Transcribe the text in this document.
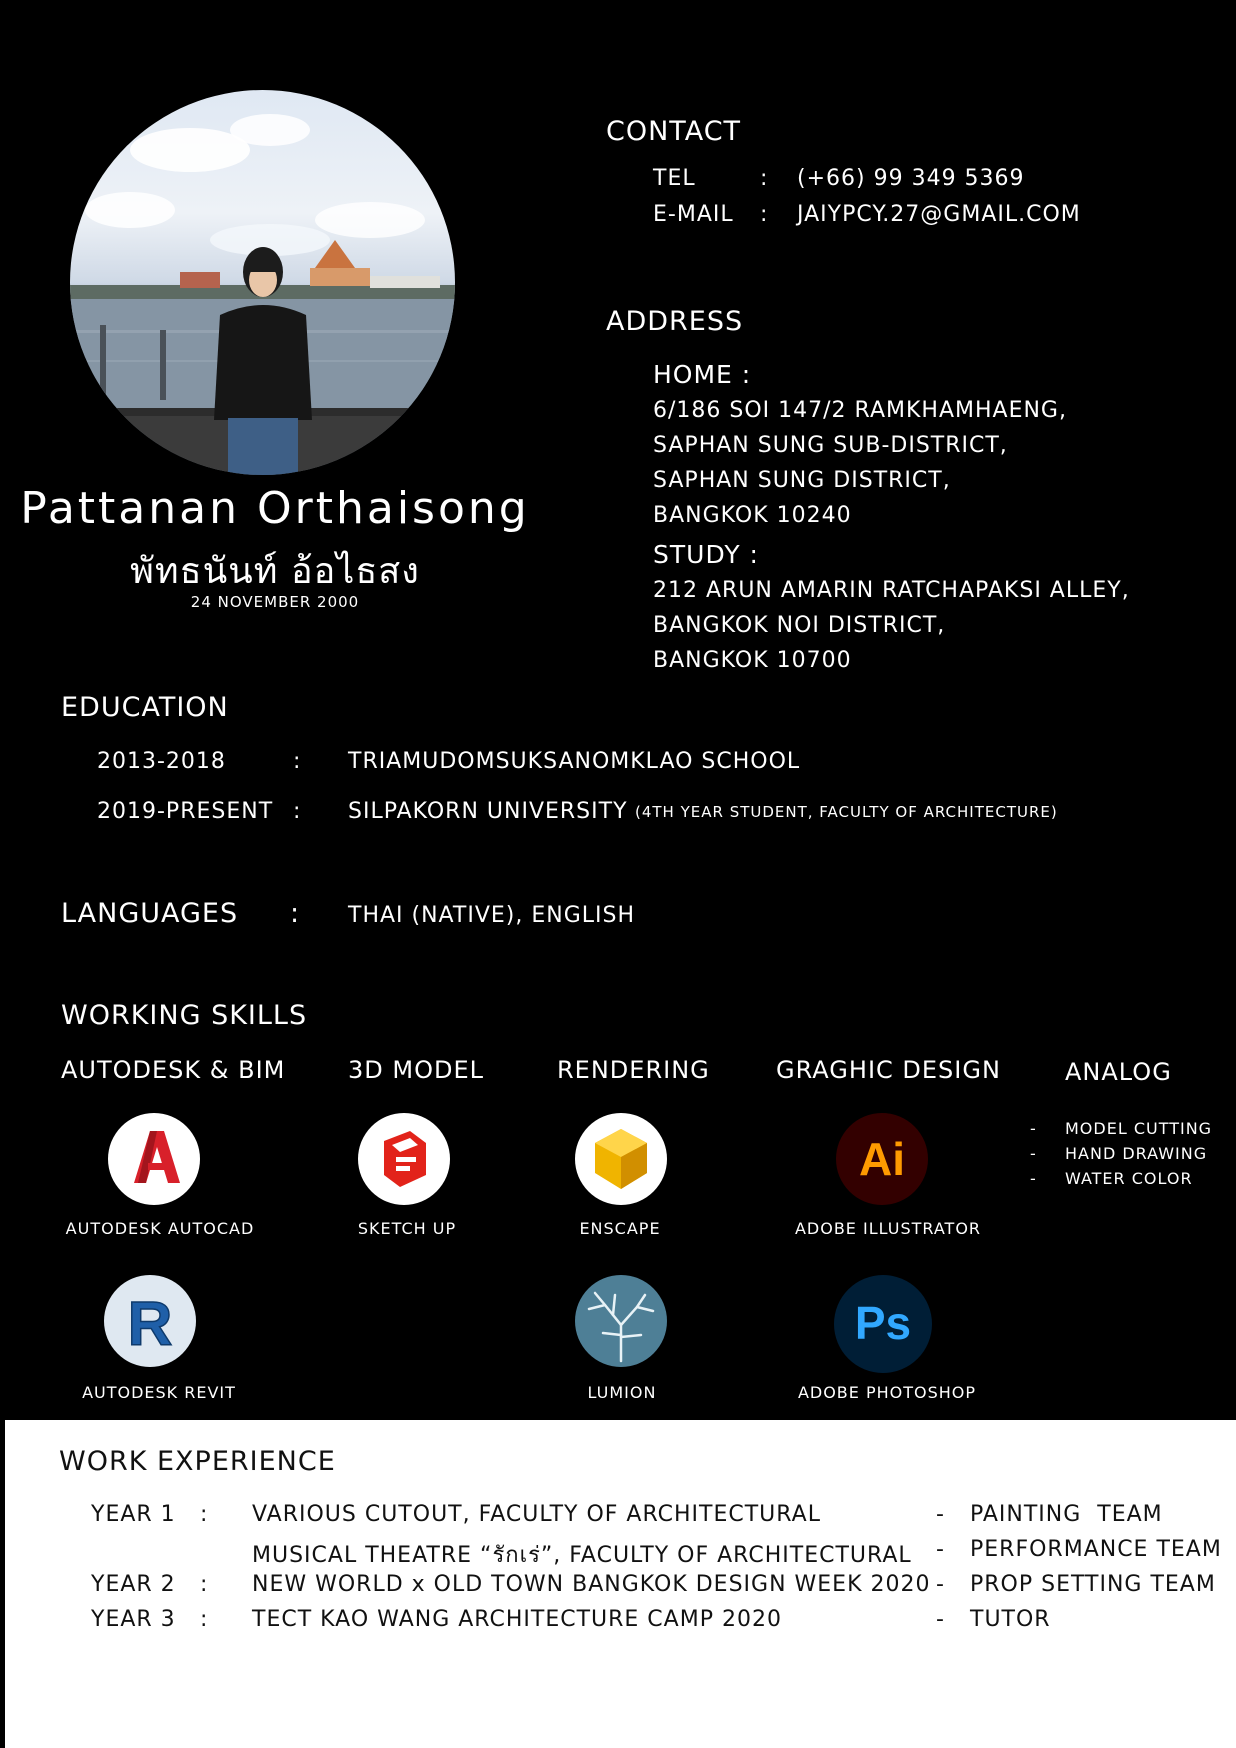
Pattanan Orthaisong
พัทธนันท์ อ้อไธสง
24 NOVEMBER 2000
CONTACT
TEL	: (+66) 99 349 5369
E-MAIL : JAIYPCY.27@GMAIL.COM
ADDRESS
HOME :
6/186 SOI 147/2 RAMKHAMHAENG,
SAPHAN SUNG SUB-DISTRICT,
SAPHAN SUNG DISTRICT,
BANGKOK 10240
STUDY :
212 ARUN AMARIN RATCHAPAKSI ALLEY,
BANGKOK NOI DISTRICT,
BANGKOK 10700
EDUCATION
2013-2018	: TRIAMUDOMSUKSANOMKLAO SCHOOL
2019-PRESENT : SILPAKORN UNIVERSITY (4TH YEAR STUDENT, FACULTY OF ARCHITECTURE)
LANGUAGES : THAI (NATIVE), ENGLISH
WORKING SKILLS
AUTODESK & BIM	3D MODEL	RENDERING	GRAGHIC DESIGN	ANALOG
AUTODESK AUTOCAD	SKETCH UP	ENSCAPE
Ai
ADOBE ILLUSTRATOR
- MODEL CUTTING
- HAND DRAWING
- WATER COLOR
R
AUTODESK REVIT	LUMION
Ps
ADOBE PHOTOSHOP
WORK EXPERIENCE
YEAR 1 : VARIOUS CUTOUT, FACULTY OF ARCHITECTURAL	- PAINTING  TEAM
MUSICAL THEATRE “รักเร่”, FACULTY OF ARCHITECTURAL - PERFORMANCE TEAM
YEAR 2 : NEW WORLD x OLD TOWN BANGKOK DESIGN WEEK 2020 - PROP SETTING TEAM
YEAR 3 : TECT KAO WANG ARCHITECTURE CAMP 2020	- TUTOR
